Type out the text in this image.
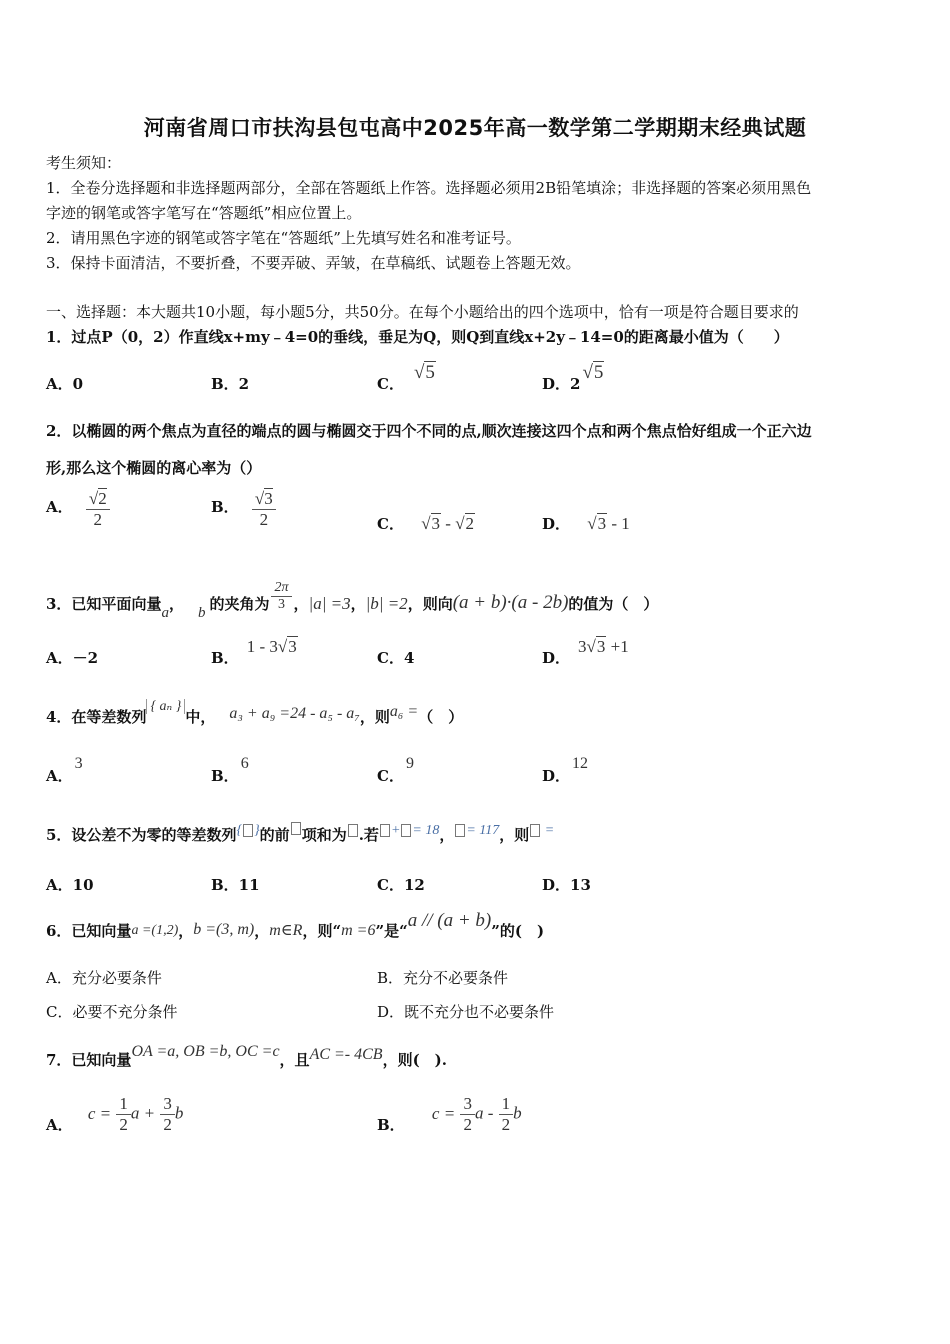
河南省周口市扶沟县包屯高中2025年高一数学第二学期期末经典试题
考生须知：
1．全卷分选择题和非选择题两部分，全部在答题纸上作答。选择题必须用2B铅笔填涂；非选择题的答案必须用黑色
字迹的钢笔或答字笔写在“答题纸”相应位置上。
2．请用黑色字迹的钢笔或答字笔在“答题纸”上先填写姓名和准考证号。
3．保持卡面清洁，不要折叠，不要弄破、弄皱，在草稿纸、试题卷上答题无效。
一、选择题：本大题共10小题，每小题5分，共50分。在每个小题给出的四个选项中，恰有一项是符合题目要求的
1．过点P（0，2）作直线x+my﹣4=0的垂线，垂足为Q，则Q到直线x+2y﹣14=0的距离最小值为（　　）
A．0	B．2	C．√5
D．2√5
2．以椭圆的两个焦点为直径的端点的圆与椭圆交于四个不同的点,顺次连接这四个点和两个焦点恰好组成一个正六边
形,那么这个椭圆的离心率为（）
A． $\frac{√2}{2}$	B． $\frac{√3}{2}$	C． √3 - √2	D． √3 - 1
3．已知平面向量a， b 的夹角为 $\frac{2\pi}{3}$ ，|a| =3，|b| =2，则向(a + b)·(a - 2b)的值为（　）
A．－2	B．1 - 3√3
C．4	D．3√3 +1
4．在等差数列{ aₙ }中， a₃ + a₉ =24 - a₅ - a₇，则a₆ =（　）
A．3
B．6
C．9
D．12
5．设公差不为零的等差数列{ }的前 项和为 .若 + = 18， = 117，则 =
A．10	B．11	C．12	D．13
6．已知向量a =(1,2)，b =(3, m)，m∈R，则“m =6”是“a // (a + b)”的(　)
A．充分必要条件	B．充分不必要条件
C．必要不充分条件	D．既不充分也不必要条件
7．已知向量OA =a, OB =b, OC =c，且AC =- 4CB，则(　).
A． $c = \frac{1}{2}$ $a + \frac{3}{2}$ b
B． $c = \frac{3}{2}$ a - $\frac{1}{2}$ b
